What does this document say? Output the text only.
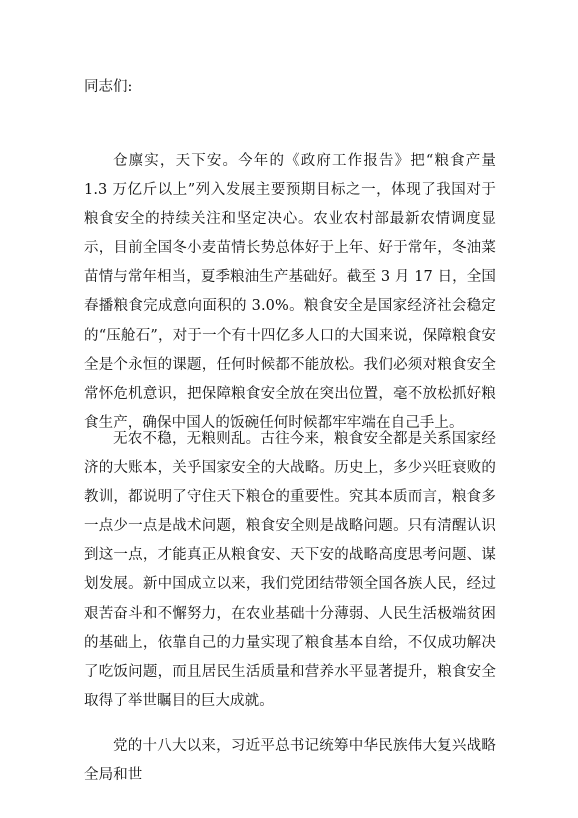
同志们:

仓廪实，天下安。今年的《政府工作报告》把“粮食产量 1.3 万亿斤以上”列入发展主要预期目标之一，体现了我国对于粮食安全的持续关注和坚定决心。农业农村部最新农情调度显示，目前全国冬小麦苗情长势总体好于上年、好于常年，冬油菜苗情与常年相当，夏季粮油生产基础好。截至 3 月 17 日，全国春播粮食完成意向面积的 3.0%。粮食安全是国家经济社会稳定的“压舱石”，对于一个有十四亿多人口的大国来说，保障粮食安全是个永恒的课题，任何时候都不能放松。我们必须对粮食安全常怀危机意识，把保障粮食安全放在突出位置，毫不放松抓好粮食生产，确保中国人的饭碗任何时候都牢牢端在自己手上。

无农不稳，无粮则乱。古往今来，粮食安全都是关系国家经济的大账本，关乎国家安全的大战略。历史上，多少兴旺衰败的教训，都说明了守住天下粮仓的重要性。究其本质而言，粮食多一点少一点是战术问题，粮食安全则是战略问题。只有清醒认识到这一点，才能真正从粮食安、天下安的战略高度思考问题、谋划发展。新中国成立以来，我们党团结带领全国各族人民，经过艰苦奋斗和不懈努力，在农业基础十分薄弱、人民生活极端贫困的基础上，依靠自己的力量实现了粮食基本自给，不仅成功解决了吃饭问题，而且居民生活质量和营养水平显著提升，粮食安全取得了举世瞩目的巨大成就。

党的十八大以来，习近平总书记统筹中华民族伟大复兴战略全局和世
